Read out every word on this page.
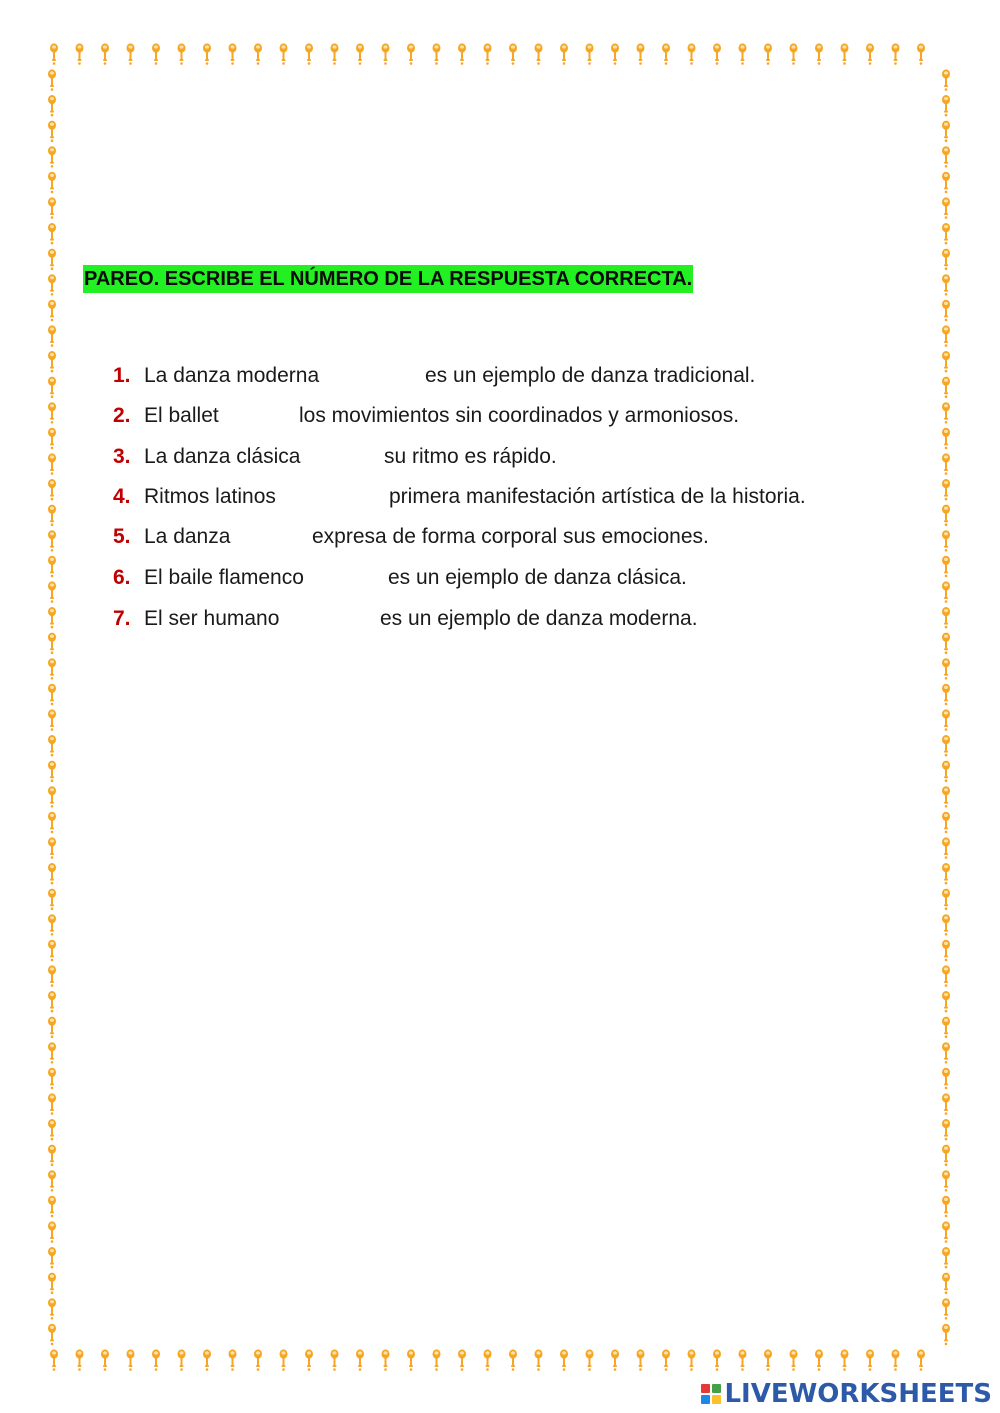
PAREO. ESCRIBE EL NÚMERO DE LA RESPUESTA CORRECTA.
1. La danza moderna	es un ejemplo de danza tradicional.
2. El ballet	los movimientos sin coordinados y armoniosos.
3. La danza clásica	su ritmo es rápido.
4. Ritmos latinos	primera manifestación artística de la historia.
5. La danza	expresa de forma corporal sus emociones.
6. El baile flamenco	es un ejemplo de danza clásica.
7. El ser humano	es un ejemplo de danza moderna.
LIVEWORKSHEETS
